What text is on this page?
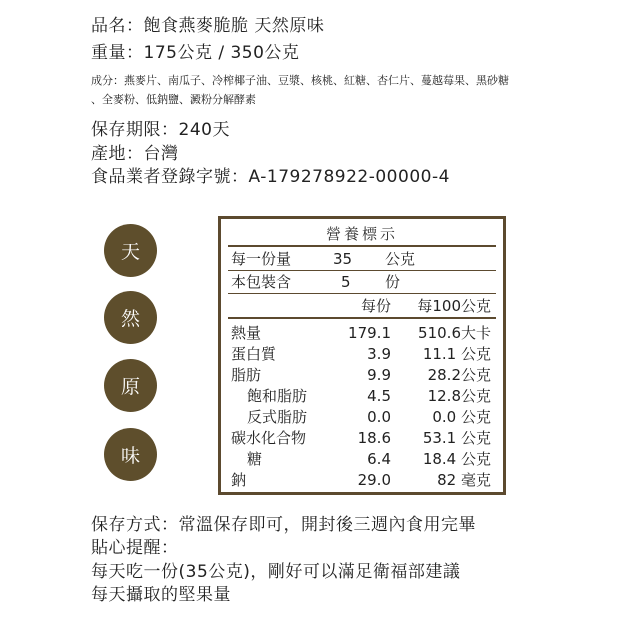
品名：飽食燕麥脆脆 天然原味
重量：175公克 / 350公克
成分：燕麥片、南瓜子、冷榨椰子油、豆漿、核桃、紅糖、杏仁片、蔓越莓果、黑砂糖
、全麥粉、低鈉鹽、澱粉分解酵素
保存期限：240天
產地：台灣
食品業者登錄字號：A-179278922-00000-4
天
然
原
味
營養標示
每一份量	35 公克
本包裝含	5 份
每份 每100公克
熱量	179.1 510.6大卡
蛋白質	3.9 11.1 公克
脂肪	9.9 28.2公克
飽和脂肪	4.5 12.8公克
反式脂肪	0.0	0.0 公克
碳水化合物	18.6 53.1 公克
糖	6.4 18.4 公克
鈉	29.0	82 毫克
保存方式：常溫保存即可，開封後三週內食用完畢
貼心提醒：
每天吃一份(35公克)，剛好可以滿足衛福部建議
每天攝取的堅果量
